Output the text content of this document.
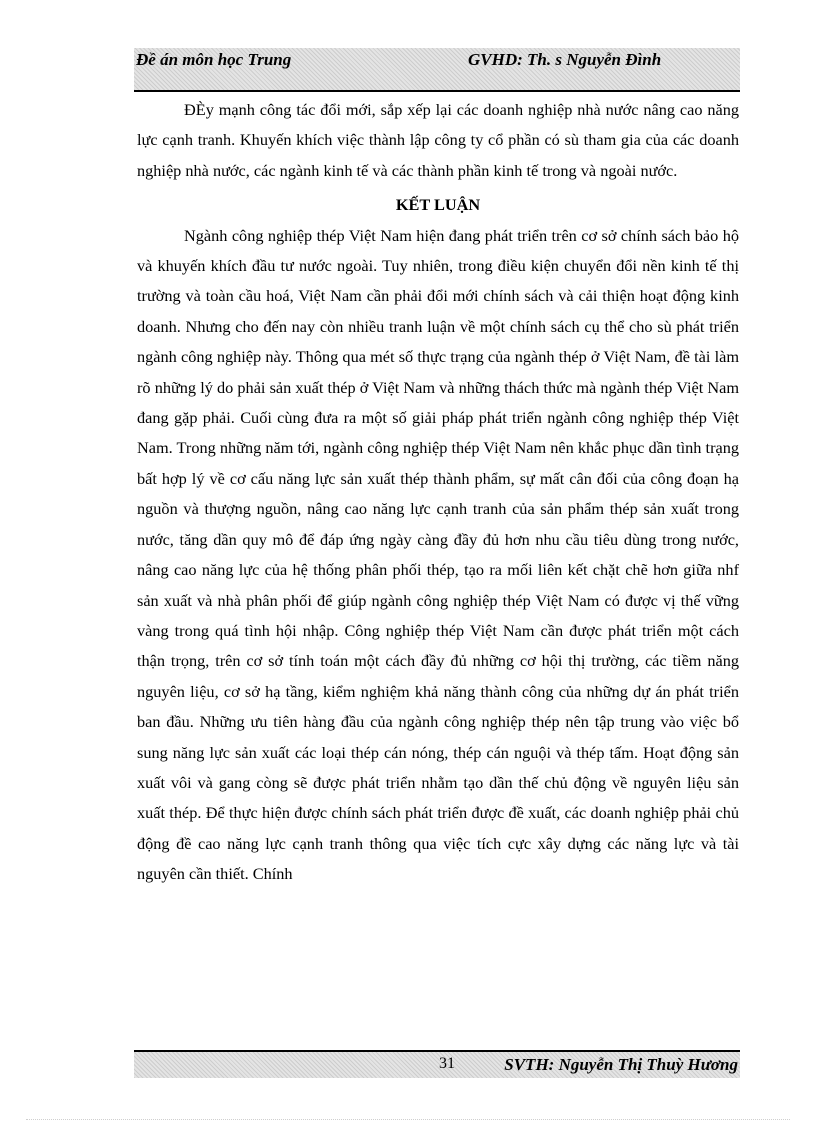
Đề án môn học Trung	GVHD: Th. s Nguyễn Đình

ĐÈy mạnh công tác đổi mới, sắp xếp lại các doanh nghiệp nhà nước nâng cao năng lực cạnh tranh. Khuyến khích việc thành lập công ty cổ phần có sù tham gia của các doanh nghiệp nhà nước, các ngành kinh tế và các thành phần kinh tế trong và ngoài nước.

KẾT LUẬN

Ngành công nghiệp thép Việt Nam hiện đang phát triển trên cơ sở chính sách bảo hộ và khuyến khích đầu tư nước ngoài. Tuy nhiên, trong điều kiện chuyển đổi nền kinh tế thị trường và toàn cầu hoá, Việt Nam cần phải đổi mới chính sách và cải thiện hoạt động kinh doanh. Nhưng cho đến nay còn nhiều tranh luận về một chính sách cụ thể cho sù phát triển ngành công nghiệp này. Thông qua mét số thực trạng của ngành thép ở Việt Nam, đề tài làm rõ những lý do phải sản xuất thép ở Việt Nam và những thách thức mà ngành thép Việt Nam đang gặp phải. Cuối cùng đưa ra một số giải pháp phát triển ngành công nghiệp thép Việt Nam. Trong những năm tới, ngành công nghiệp thép Việt Nam nên khắc phục dần tình trạng bất hợp lý về cơ cấu năng lực sản xuất thép thành phẩm, sự mất cân đối của công đoạn hạ nguồn và thượng nguồn, nâng cao năng lực cạnh tranh của sản phẩm thép sản xuất trong nước, tăng dần quy mô để đáp ứng ngày càng đầy đủ hơn nhu cầu tiêu dùng trong nước, nâng cao năng lực của hệ thống phân phối thép, tạo ra mối liên kết chặt chẽ hơn giữa nhf sản xuất và nhà phân phối để giúp ngành công nghiệp thép Việt Nam có được vị thế vững vàng trong quá tình hội nhập. Công nghiệp thép Việt Nam cần được phát triển một cách thận trọng, trên cơ sở tính toán một cách đầy đủ những cơ hội thị trường, các tiềm năng nguyên liệu, cơ sở hạ tầng, kiểm nghiệm khả năng thành công của những dự án phát triển ban đầu. Những ưu tiên hàng đầu của ngành công nghiệp thép nên tập trung vào việc bổ sung năng lực sản xuất các loại thép cán nóng, thép cán nguội và thép tấm. Hoạt động sản xuất vôi và gang còng sẽ được phát triển nhằm tạo dần thế chủ động về nguyên liệu sản xuất thép. Để thực hiện được chính sách phát triển được đề xuất, các doanh nghiệp phải chủ động đề cao năng lực cạnh tranh thông qua việc tích cực xây dựng các năng lực và tài nguyên cần thiết. Chính

31	SVTH: Nguyễn Thị Thuỳ Hương
